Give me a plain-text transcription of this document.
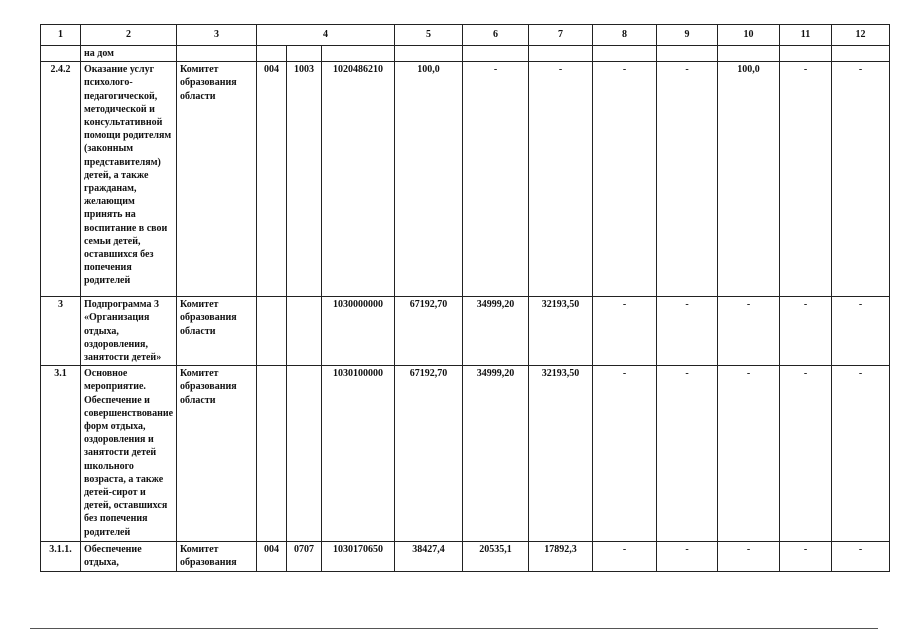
1	2	3	4			5	6	7	8	9	10	11	12
	на дом												
2.4.2	Оказание услуг психолого-педагогической, методической и консультативной помощи родителям (законным представителям) детей, а также гражданам, желающим принять на воспитание в свои семьи детей, оставшихся без попечения родителей	Комитет образования области	004	1003	1020486210	100,0	-	-	-	-	100,0	-	-
3	Подпрограмма 3 «Организация отдыха, оздоровления, занятости детей»	Комитет образования области			1030000000	67192,70	34999,20	32193,50	-	-	-	-	-
3.1	Основное мероприятие. Обеспечение и совершенствование форм отдыха, оздоровления и занятости детей школьного возраста, а также детей-сирот и детей, оставшихся без попечения родителей	Комитет образования области			1030100000	67192,70	34999,20	32193,50	-	-	-	-	-
3.1.1.	Обеспечение отдыха,	Комитет образования	004	0707	1030170650	38427,4	20535,1	17892,3	-	-	-	-	-
